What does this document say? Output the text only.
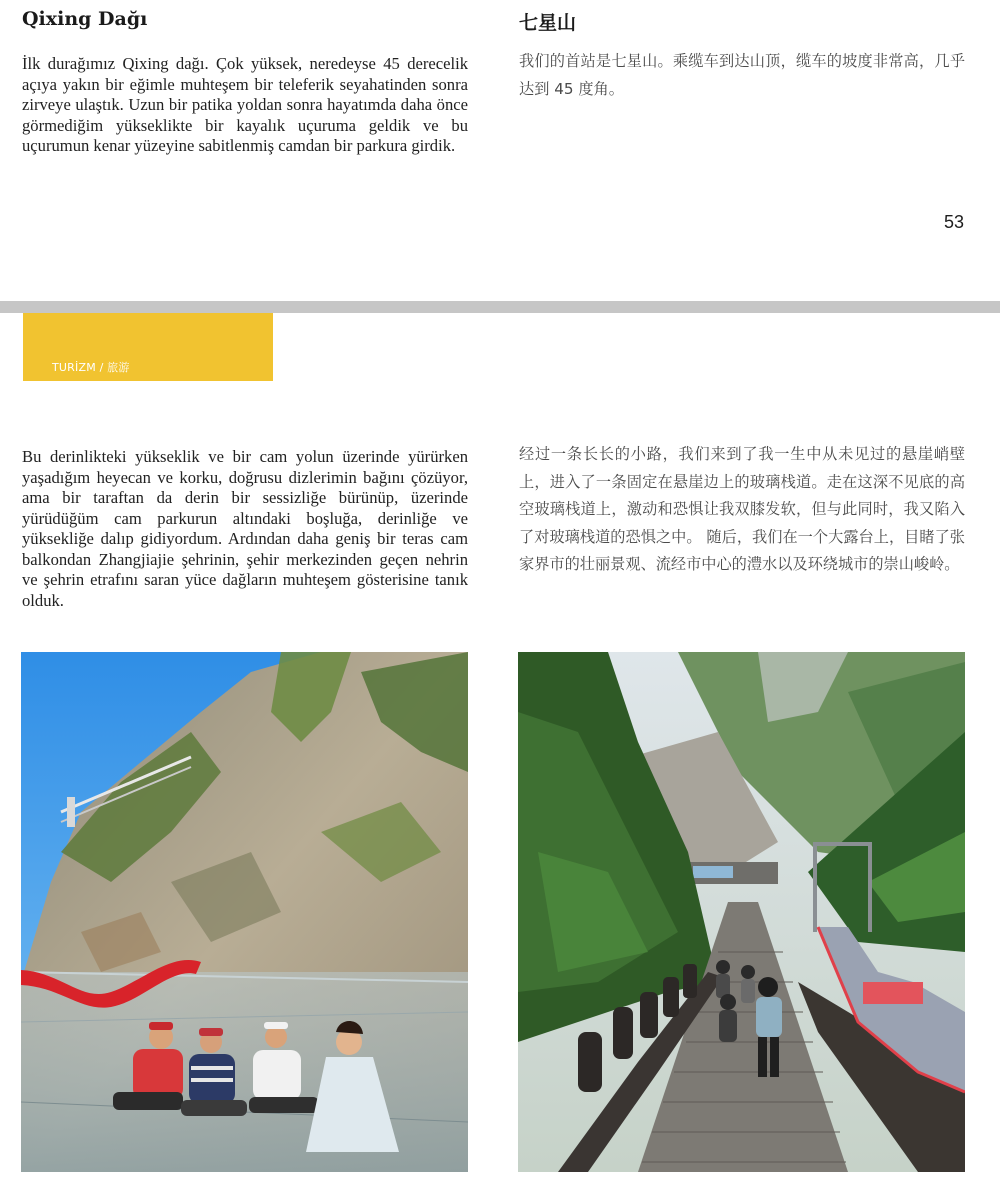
Qixing Dağı

İlk durağımız Qixing dağı. Çok yüksek, neredeyse 45 derecelik açıya yakın bir eğimle muhteşem bir teleferik seyahatinden sonra zirveye ulaştık. Uzun bir patika yoldan sonra hayatımda daha önce görmediğim yükseklikte bir kayalık uçuruma geldik ve bu uçurumun kenar yüzeyine sabitlenmiş camdan bir parkura girdik.

七星山

我们的首站是七星山。乘缆车到达山顶，缆车的坡度非常高，几乎达到 45 度角。

53
TURİZM / 旅游

Bu derinlikteki yükseklik ve bir cam yolun üzerinde yürürken yaşadığım heyecan ve korku, doğrusu dizlerimin bağını çözüyor, ama bir taraftan da derin bir sessizliğe bürünüp, üzerinde yürüdüğüm cam parkurun altındaki boşluğa, derinliğe ve yüksekliğe dalıp gidiyordum. Ardından daha geniş bir teras cam balkondan Zhangjiajie şehrinin, şehir merkezinden geçen nehrin ve şehrin etrafını saran yüce dağların muhteşem gösterisine tanık olduk.

经过一条长长的小路，我们来到了我一生中从未见过的悬崖峭壁上，进入了一条固定在悬崖边上的玻璃栈道。走在这深不见底的高空玻璃栈道上，激动和恐惧让我双膝发软，但与此同时，我又陷入了对玻璃栈道的恐惧之中。 随后，我们在一个大露台上，目睹了张家界市的壮丽景观、流经市中心的澧水以及环绕城市的崇山峻岭。
